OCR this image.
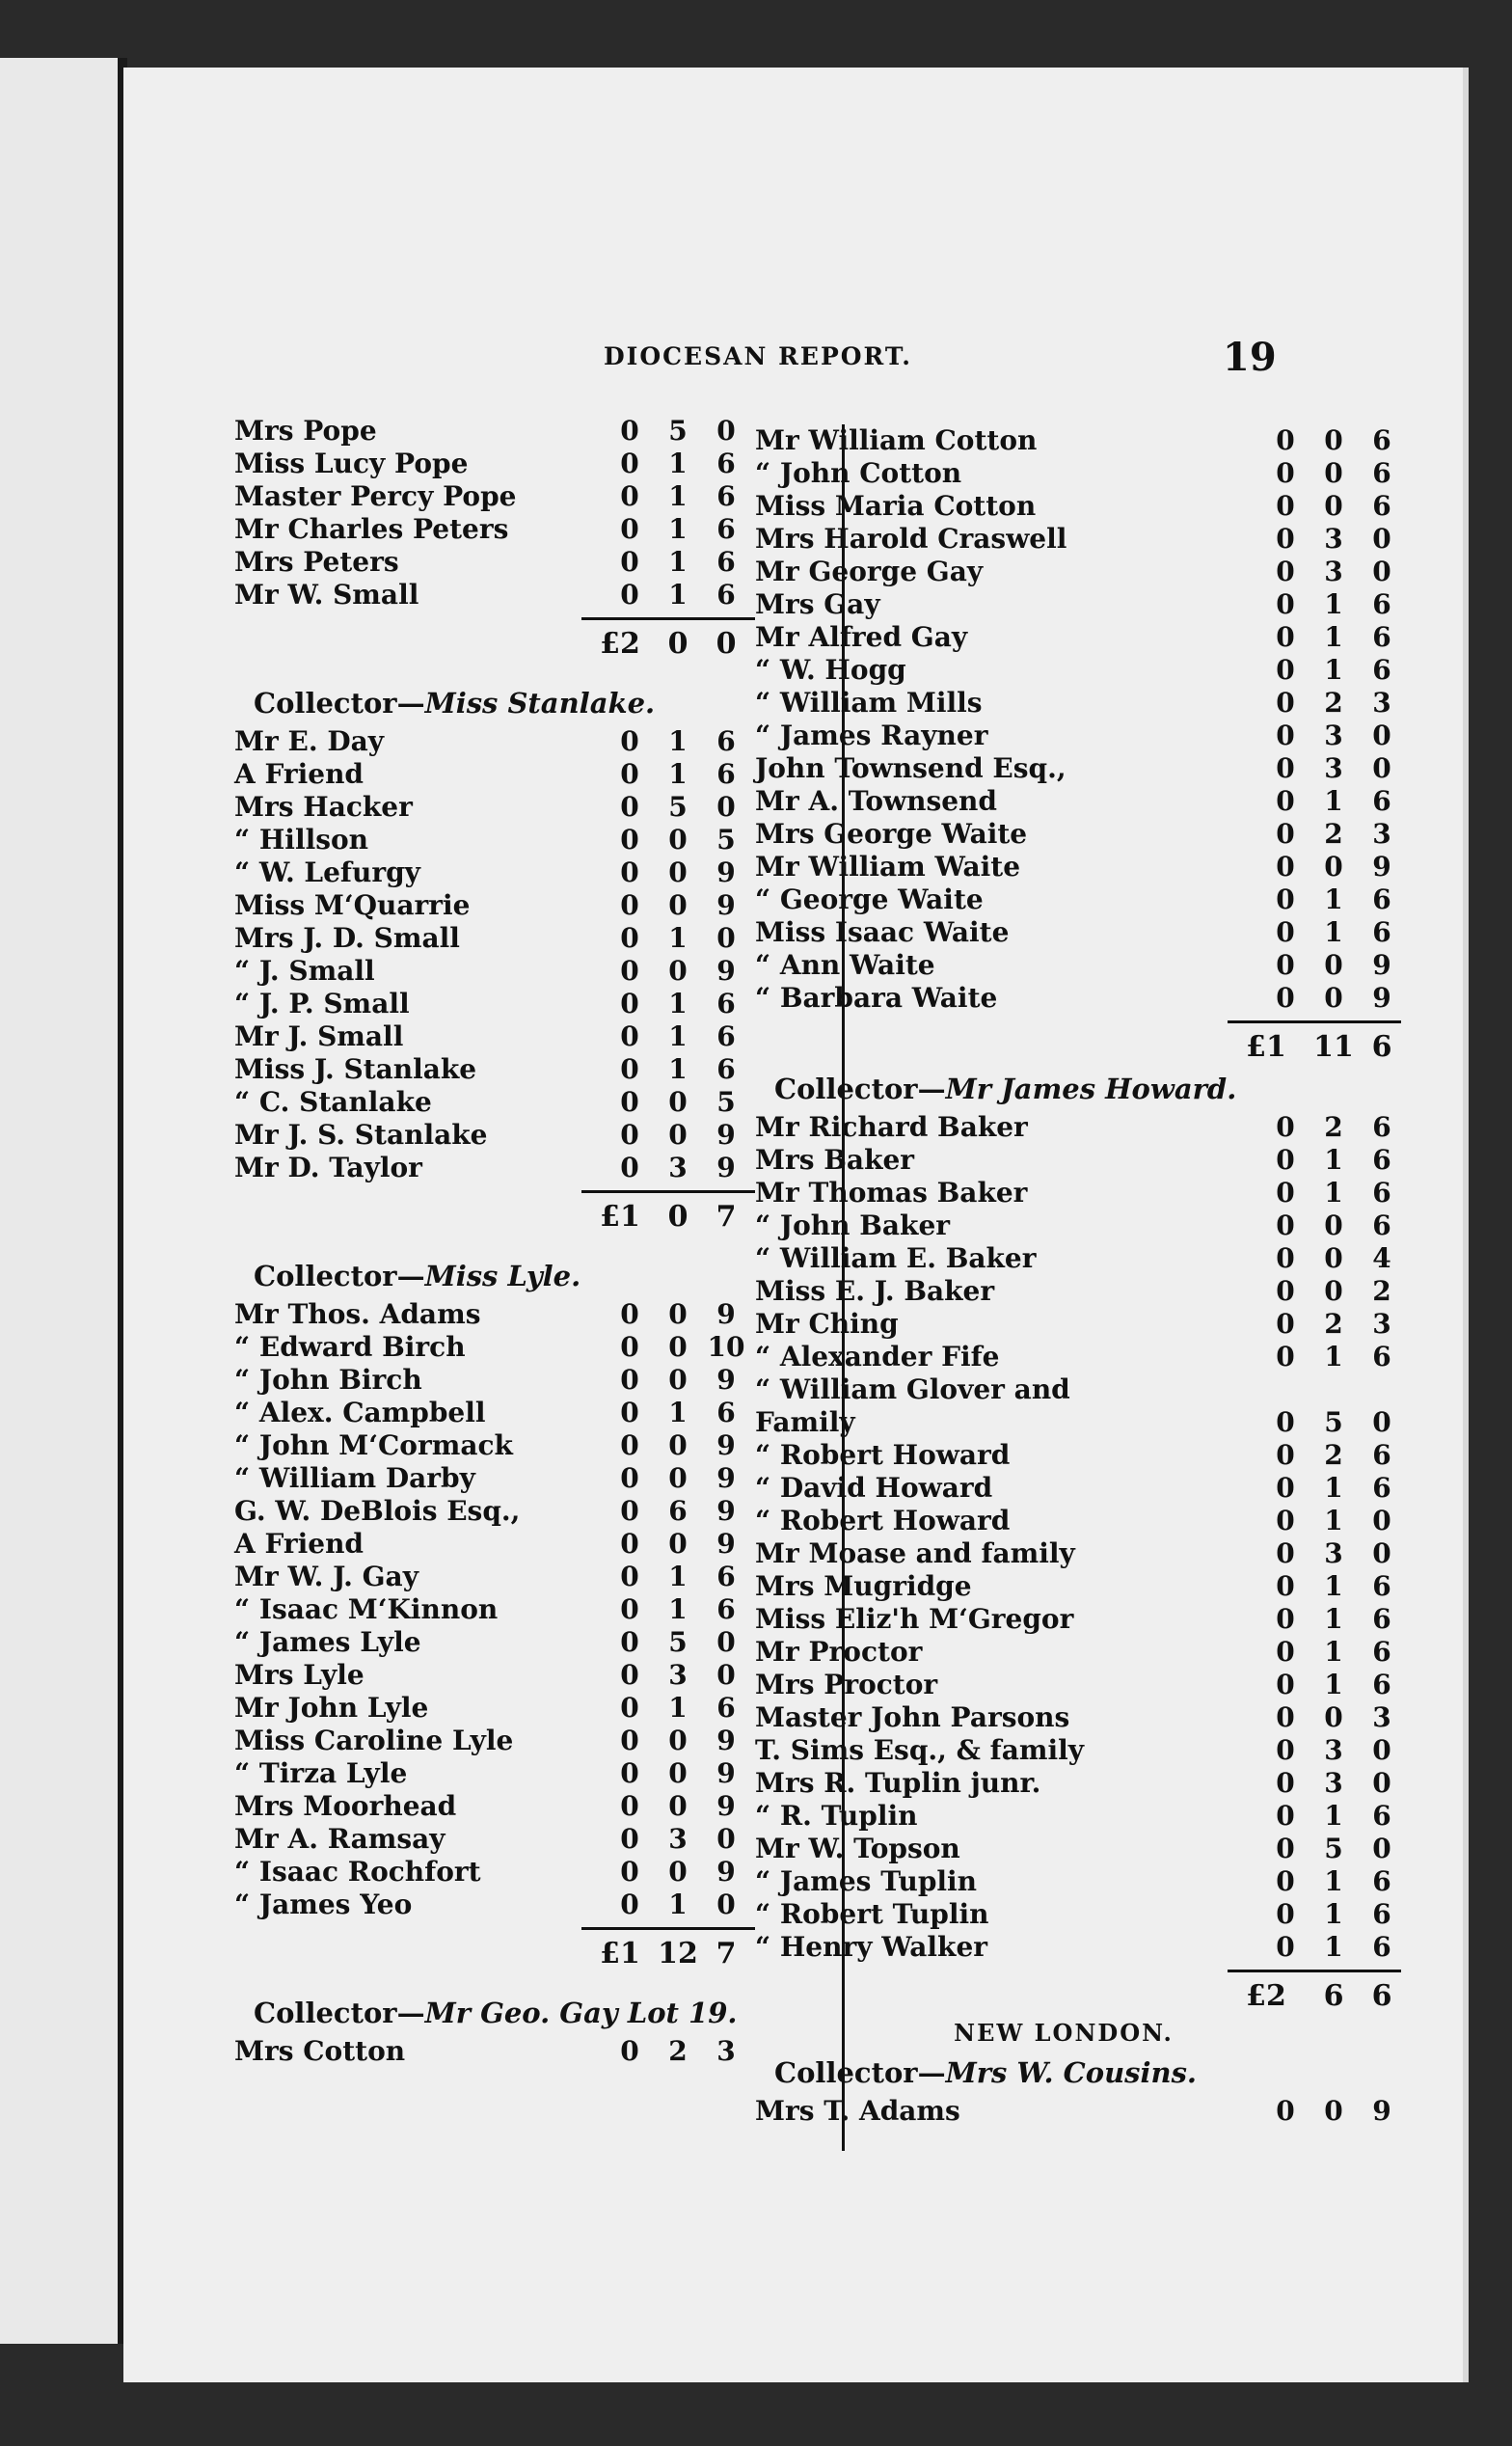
DIOCESAN REPORT.	19
Mrs Pope	0	5	0
Miss Lucy Pope	0	1	6
Master Percy Pope	0	1	6
Mr Charles Peters	0	1	6
Mrs Peters	0	1	6
Mr W. Small	0	1	6
£2 0 0
Collector—Miss Stanlake.
Mr E. Day	0	1	6
A Friend	0	1	6
Mrs Hacker	0	5	0
“ Hillson	0	0	5
“ W. Lefurgy	0	0	9
Miss M‘Quarrie	0	0	9
Mrs J. D. Small	0	1	0
“ J. Small	0	0	9
“ J. P. Small	0	1	6
Mr J. Small	0	1	6
Miss J. Stanlake	0	1	6
“ C. Stanlake	0	0	5
Mr J. S. Stanlake	0	0	9
Mr D. Taylor	0	3	9
£1 0 7
Collector—Miss Lyle.
Mr Thos. Adams	0	0	9
“ Edward Birch	0	0 10
“ John Birch	0	0	9
“ Alex. Campbell	0	1	6
“ John M‘Cormack	0	0	9
“ William Darby	0	0	9
G. W. DeBlois Esq.,	0	6	9
A Friend	0	0	9
Mr W. J. Gay	0	1	6
“ Isaac M‘Kinnon	0	1	6
“ James Lyle	0	5	0
Mrs Lyle	0	3	0
Mr John Lyle	0	1	6
Miss Caroline Lyle	0	0	9
“ Tirza Lyle	0	0	9
Mrs Moorhead	0	0	9
Mr A. Ramsay	0	3	0
“ Isaac Rochfort	0	0	9
“ James Yeo	0	1	0
£1 12 7
Collector—Mr Geo. Gay Lot 19.
Mrs Cotton	0	2	3
Mr William Cotton	0	0	6
“ John Cotton	0	0	6
Miss Maria Cotton	0	0	6
Mrs Harold Craswell	0	3	0
Mr George Gay	0	3	0
Mrs Gay	0	1	6
Mr Alfred Gay	0	1	6
“ W. Hogg	0	1	6
“ William Mills	0	2	3
“ James Rayner	0	3	0
John Townsend Esq.,	0	3	0
Mr A. Townsend	0	1	6
Mrs George Waite	0	2	3
Mr William Waite	0	0	9
“ George Waite	0	1	6
Miss Isaac Waite	0	1	6
“ Ann Waite	0	0	9
“ Barbara Waite	0	0	9
£1 11 6
Collector—Mr James Howard.
Mr Richard Baker	0	2	6
Mrs Baker	0	1	6
Mr Thomas Baker	0	1	6
“ John Baker	0	0	6
“ William E. Baker	0	0	4
Miss E. J. Baker	0	0	2
Mr Ching	0	2	3
“ Alexander Fife	0	1	6
“ William Glover and
Family	0	5	0
“ Robert Howard	0	2	6
“ David Howard	0	1	6
“ Robert Howard	0	1	0
Mr Moase and family	0	3	0
Mrs Mugridge	0	1	6
Miss Eliz'h M‘Gregor	0	1	6
Mr Proctor	0	1	6
Mrs Proctor	0	1	6
Master John Parsons	0	0	3
T. Sims Esq., & family	0	3	0
Mrs R. Tuplin junr.	0	3	0
“ R. Tuplin	0	1	6
Mr W. Topson	0	5	0
“ James Tuplin	0	1	6
“ Robert Tuplin	0	1	6
“ Henry Walker	0	1	6
£2	6 6
NEW LONDON.
Collector—Mrs W. Cousins.
Mrs T. Adams	0	0	9
